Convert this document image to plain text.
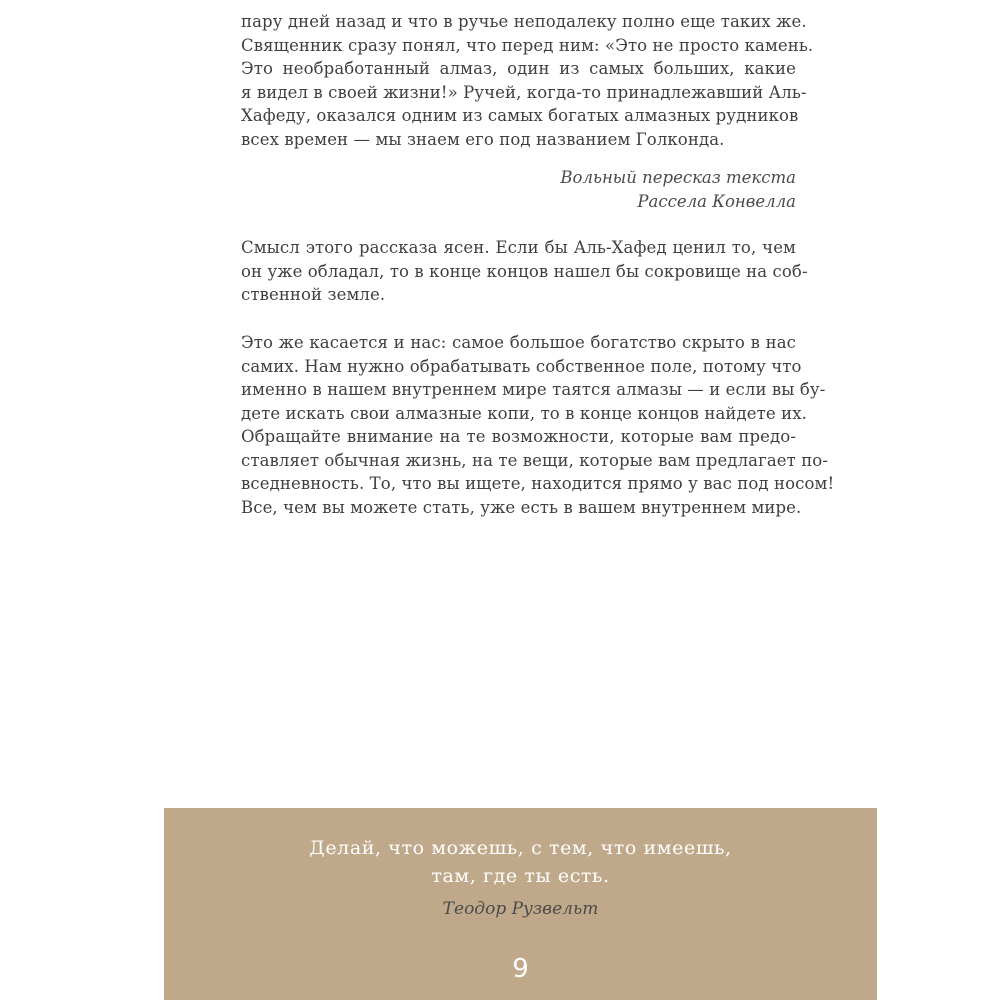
пару дней назад и что в ручье неподалеку полно еще таких же.
Священник сразу понял, что перед ним: «Это не просто камень.
Это необработанный алмаз, один из самых больших, какие
я видел в своей жизни!» Ручей, когда-то принадлежавший Аль-
Хафеду, оказался одним из самых богатых алмазных рудников
всех времен — мы знаем его под названием Голконда.
Вольный пересказ текста
Рассела Конвелла
Смысл этого рассказа ясен. Если бы Аль-Хафед ценил то, чем
он уже обладал, то в конце концов нашел бы сокровище на соб-
ственной земле.
Это же касается и нас: самое большое богатство скрыто в нас
самих. Нам нужно обрабатывать собственное поле, потому что
именно в нашем внутреннем мире таятся алмазы — и если вы бу-
дете искать свои алмазные копи, то в конце концов найдете их.
Обращайте внимание на те возможности, которые вам предо-
ставляет обычная жизнь, на те вещи, которые вам предлагает по-
вседневность. То, что вы ищете, находится прямо у вас под носом!
Все, чем вы можете стать, уже есть в вашем внутреннем мире.
Делай, что можешь, с тем, что имеешь,
там, где ты есть.
Теодор Рузвельт
9
